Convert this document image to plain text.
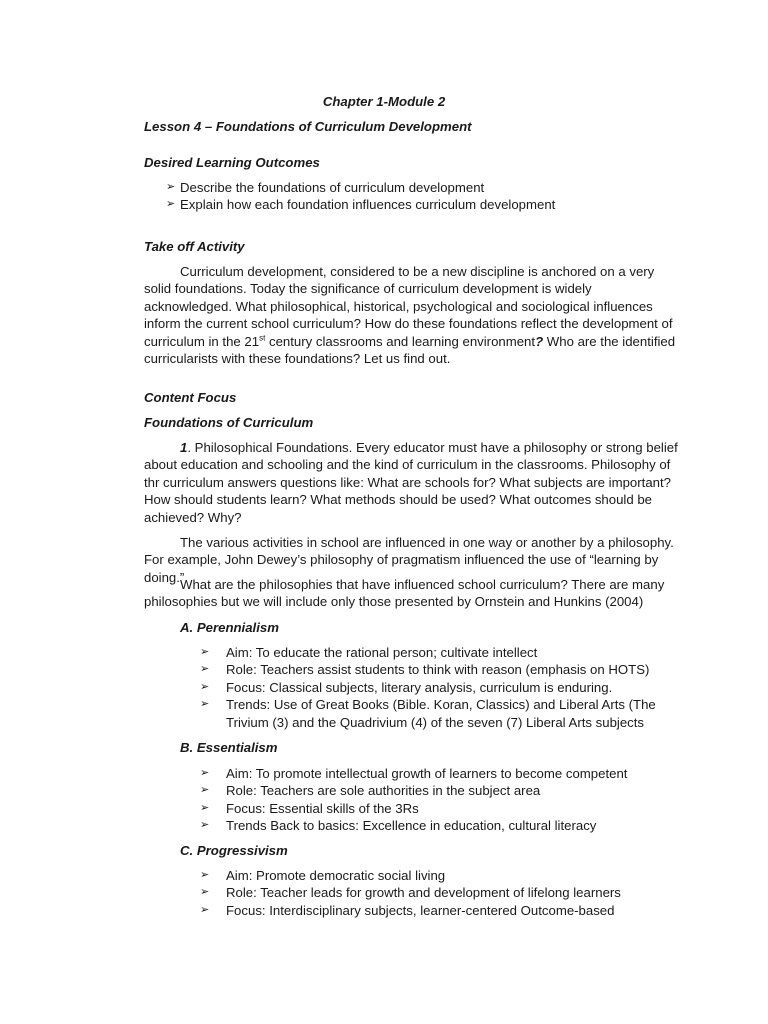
Chapter 1-Module 2

Lesson 4 – Foundations of Curriculum Development

Desired Learning Outcomes

➢ Describe the foundations of curriculum development
➢ Explain how each foundation influences curriculum development

Take off Activity

Curriculum development, considered to be a new discipline is anchored on a very solid foundations. Today the significance of curriculum development is widely acknowledged. What philosophical, historical, psychological and sociological influences inform the current school curriculum? How do these foundations reflect the development of curriculum in the 21st century classrooms and learning environment? Who are the identified curricularists with these foundations? Let us find out.

Content Focus

Foundations of Curriculum

1. Philosophical Foundations. Every educator must have a philosophy or strong belief about education and schooling and the kind of curriculum in the classrooms. Philosophy of thr curriculum answers questions like: What are schools for? What subjects are important? How should students learn? What methods should be used? What outcomes should be achieved? Why?

The various activities in school are influenced in one way or another by a philosophy. For example, John Dewey’s philosophy of pragmatism influenced the use of “learning by doing.”

What are the philosophies that have influenced school curriculum? There are many philosophies but we will include only those presented by Ornstein and Hunkins (2004)

A. Perennialism

➢ Aim: To educate the rational person; cultivate intellect
➢ Role: Teachers assist students to think with reason (emphasis on HOTS)
➢ Focus: Classical subjects, literary analysis, curriculum is enduring.
➢ Trends: Use of Great Books (Bible. Koran, Classics) and Liberal Arts (The Trivium (3) and the Quadrivium (4) of the seven (7) Liberal Arts subjects

B. Essentialism

➢ Aim: To promote intellectual growth of learners to become competent
➢ Role: Teachers are sole authorities in the subject area
➢ Focus: Essential skills of the 3Rs
➢ Trends Back to basics: Excellence in education, cultural literacy

C. Progressivism

➢ Aim: Promote democratic social living
➢ Role: Teacher leads for growth and development of lifelong learners
➢ Focus: Interdisciplinary subjects, learner-centered Outcome-based
